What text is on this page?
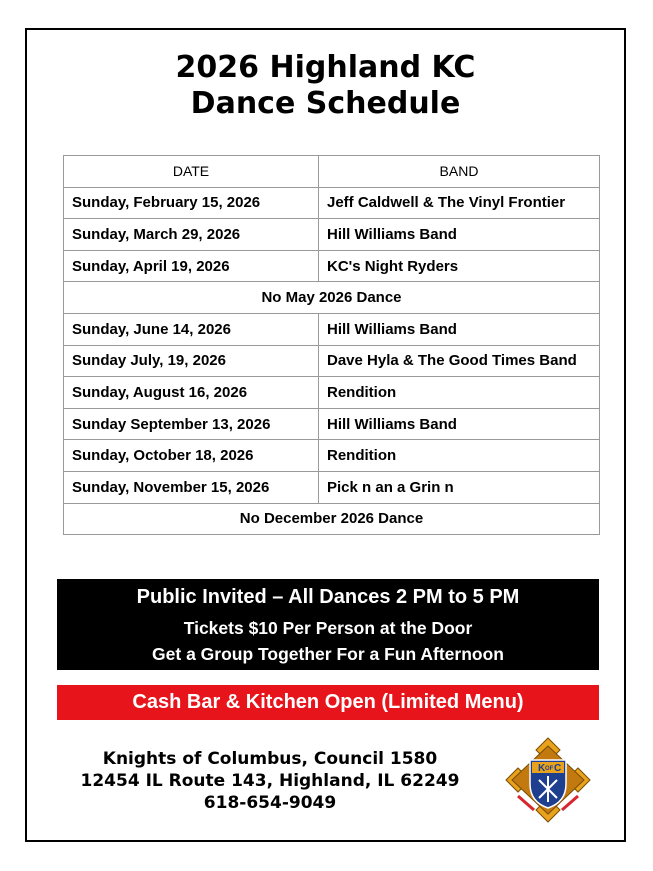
2026 Highland KC
Dance Schedule
DATE	BAND
Sunday, February 15, 2026	Jeff Caldwell & The Vinyl Frontier
Sunday, March 29, 2026	Hill Williams Band
Sunday, April 19, 2026	KC's Night Ryders
No May 2026 Dance	
Sunday, June 14, 2026	Hill Williams Band
Sunday July, 19, 2026	Dave Hyla & The Good Times Band
Sunday, August 16, 2026	Rendition
Sunday September 13, 2026	Hill Williams Band
Sunday, October 18, 2026	Rendition
Sunday, November 15, 2026	Pick n an a Grin n
No December 2026 Dance	
Public Invited – All Dances 2 PM to 5 PM
Tickets $10 Per Person at the Door
Get a Group Together For a Fun Afternoon
Cash Bar & Kitchen Open (Limited Menu)
Knights of Columbus, Council 1580
12454 IL Route 143, Highland, IL 62249
618-654-9049
K OF C
